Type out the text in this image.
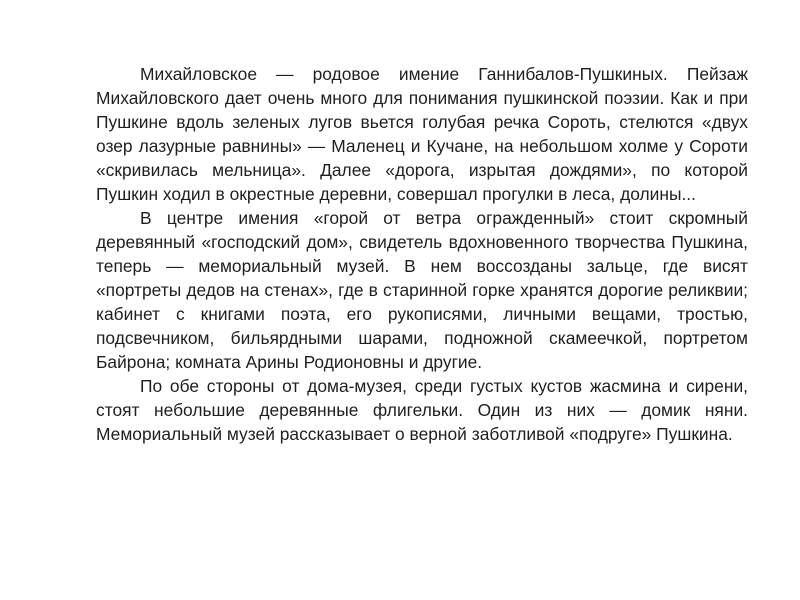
Михайловское — родовое имение Ганнибалов-Пушкиных. Пейзаж Михайловского дает очень много для понимания пушкинской поэзии. Как и при Пушкине вдоль зеленых лугов вьется голубая речка Сороть, стелются «двух озер лазурные равнины» — Маленец и Кучане, на небольшом холме у Сороти «скривилась мельница». Далее «дорога, изрытая дождями», по которой Пушкин ходил в окрестные деревни, совершал прогулки в леса, долины...

В центре имения «горой от ветра огражденный» стоит скромный деревянный «господский дом», свидетель вдохновенного творчества Пушкина, теперь — мемориальный музей. В нем воссозданы зальце, где висят «портреты дедов на стенах», где в старинной горке хранятся дорогие реликвии; кабинет с книгами поэта, его рукописями, личными вещами, тростью, подсвечником, бильярдными шарами, подножной скамеечкой, портретом Байрона; комната Арины Родионовны и другие.

По обе стороны от дома-музея, среди густых кустов жасмина и сирени, стоят небольшие деревянные флигельки. Один из них — домик няни. Мемориальный музей рассказывает о верной заботливой «подруге» Пушкина.
